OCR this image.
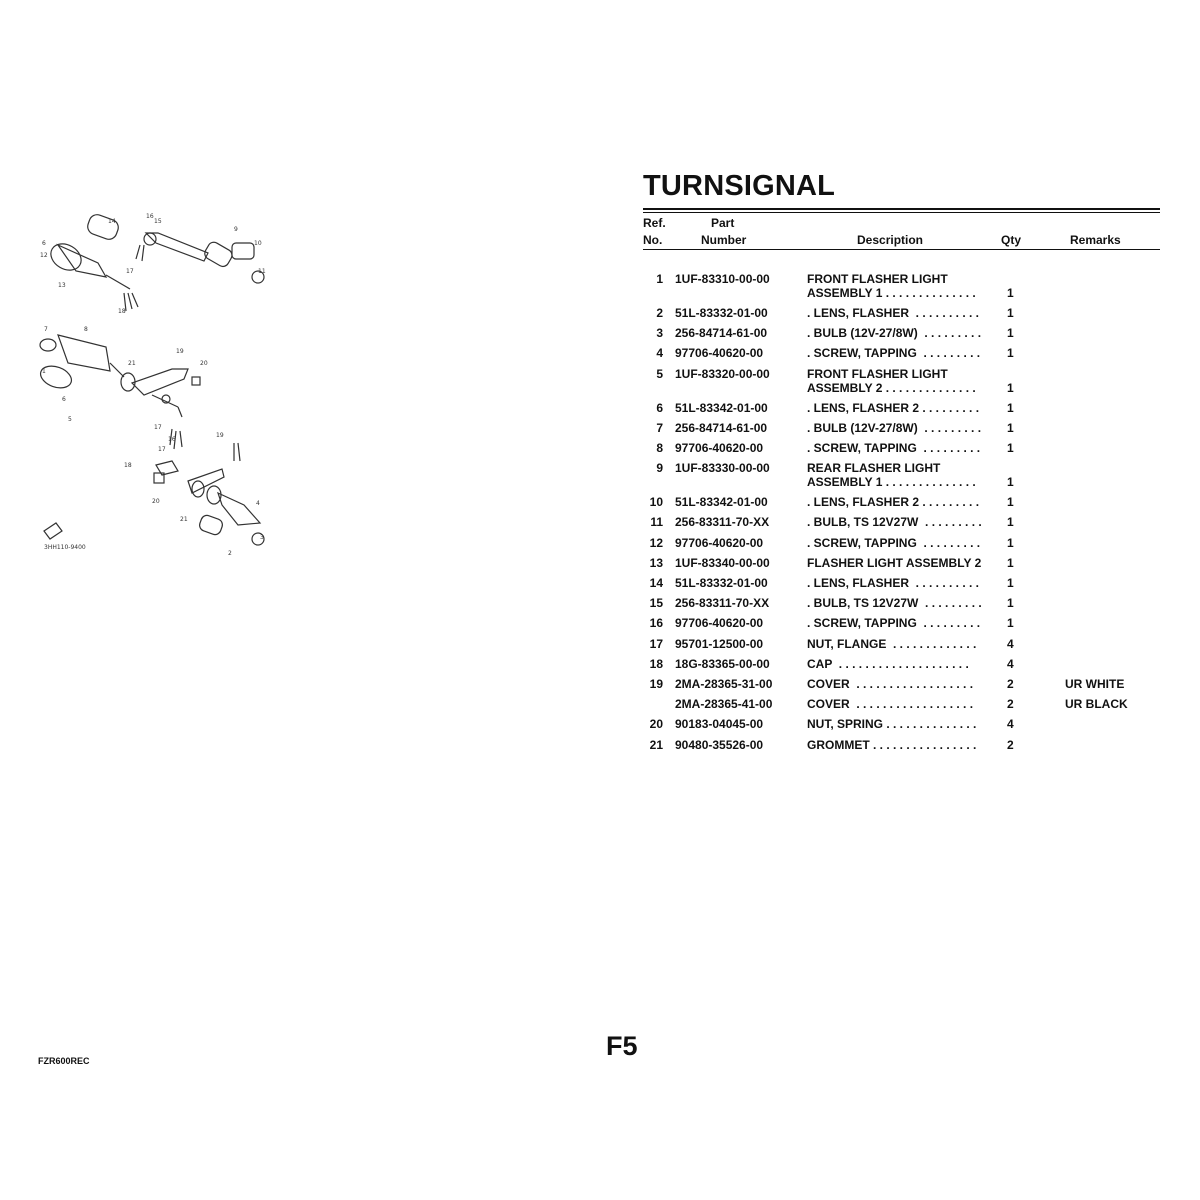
14
16
15
9
10
6
12
17	11
13
18
7	8
21
19
20
1
6
5
17
16
17
19
18
20	4
21
3
2
3HH110-9400
TURNSIGNAL
Ref.
No.
Part
Number	Description	Qty	Remarks
1 1UF-83310-00-00	FRONT FLASHER LIGHT
ASSEMBLY 1 . . . . . . . . . . . . . .	1
2 51L-83332-01-00	. LENS, FLASHER  . . . . . . . . . .	1
3 256-84714-61-00	. BULB (12V-27/8W)  . . . . . . . . .	1
4 97706-40620-00	. SCREW, TAPPING  . . . . . . . . .	1
5 1UF-83320-00-00	FRONT FLASHER LIGHT
ASSEMBLY 2 . . . . . . . . . . . . . .	1
6 51L-83342-01-00	. LENS, FLASHER 2 . . . . . . . . .	1
7 256-84714-61-00	. BULB (12V-27/8W)  . . . . . . . . .	1
8 97706-40620-00	. SCREW, TAPPING  . . . . . . . . .	1
9 1UF-83330-00-00	REAR FLASHER LIGHT
ASSEMBLY 1 . . . . . . . . . . . . . .	1
10 51L-83342-01-00	. LENS, FLASHER 2 . . . . . . . . .	1
11 256-83311-70-XX	. BULB, TS 12V27W  . . . . . . . . .	1
12 97706-40620-00	. SCREW, TAPPING  . . . . . . . . .	1
13 1UF-83340-00-00	FLASHER LIGHT ASSEMBLY 2	1
14 51L-83332-01-00	. LENS, FLASHER  . . . . . . . . . .	1
15 256-83311-70-XX	. BULB, TS 12V27W  . . . . . . . . .	1
16 97706-40620-00	. SCREW, TAPPING  . . . . . . . . .	1
17 95701-12500-00	NUT, FLANGE  . . . . . . . . . . . . .	4
18 18G-83365-00-00	CAP  . . . . . . . . . . . . . . . . . . . .	4
19 2MA-28365-31-00	COVER  . . . . . . . . . . . . . . . . . .	2	UR WHITE
2MA-28365-41-00	COVER  . . . . . . . . . . . . . . . . . .	2	UR BLACK
20 90183-04045-00	NUT, SPRING . . . . . . . . . . . . . .	4
21 90480-35526-00	GROMMET . . . . . . . . . . . . . . . .	2
F5
FZR600REC
